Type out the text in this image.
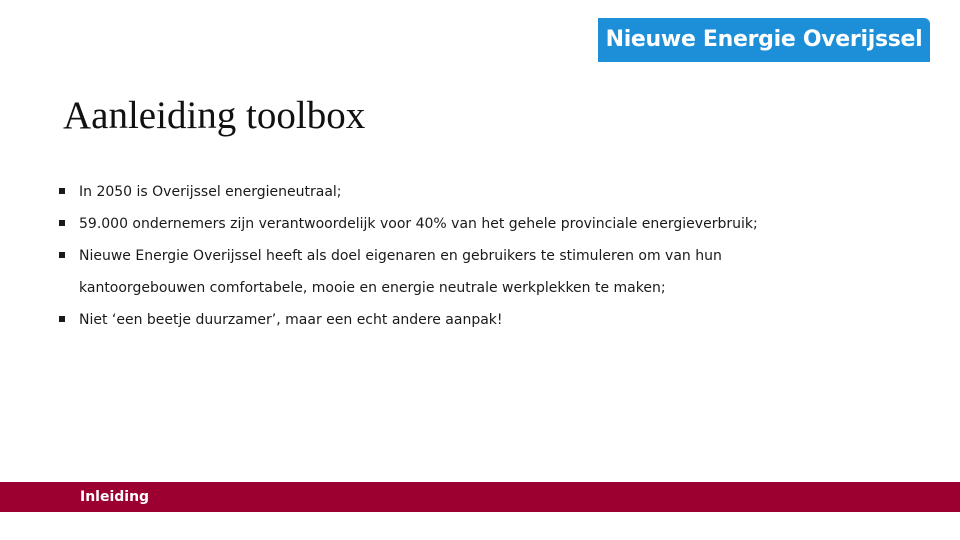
Nieuwe Energie Overijssel
Aanleiding toolbox
In 2050 is Overijssel energieneutraal;
59.000 ondernemers zijn verantwoordelijk voor 40% van het gehele provinciale energieverbruik;
Nieuwe Energie Overijssel heeft als doel eigenaren en gebruikers te stimuleren om van hun
kantoorgebouwen comfortabele, mooie en energie neutrale werkplekken te maken;
Niet ‘een beetje duurzamer’, maar een echt andere aanpak!
Inleiding
